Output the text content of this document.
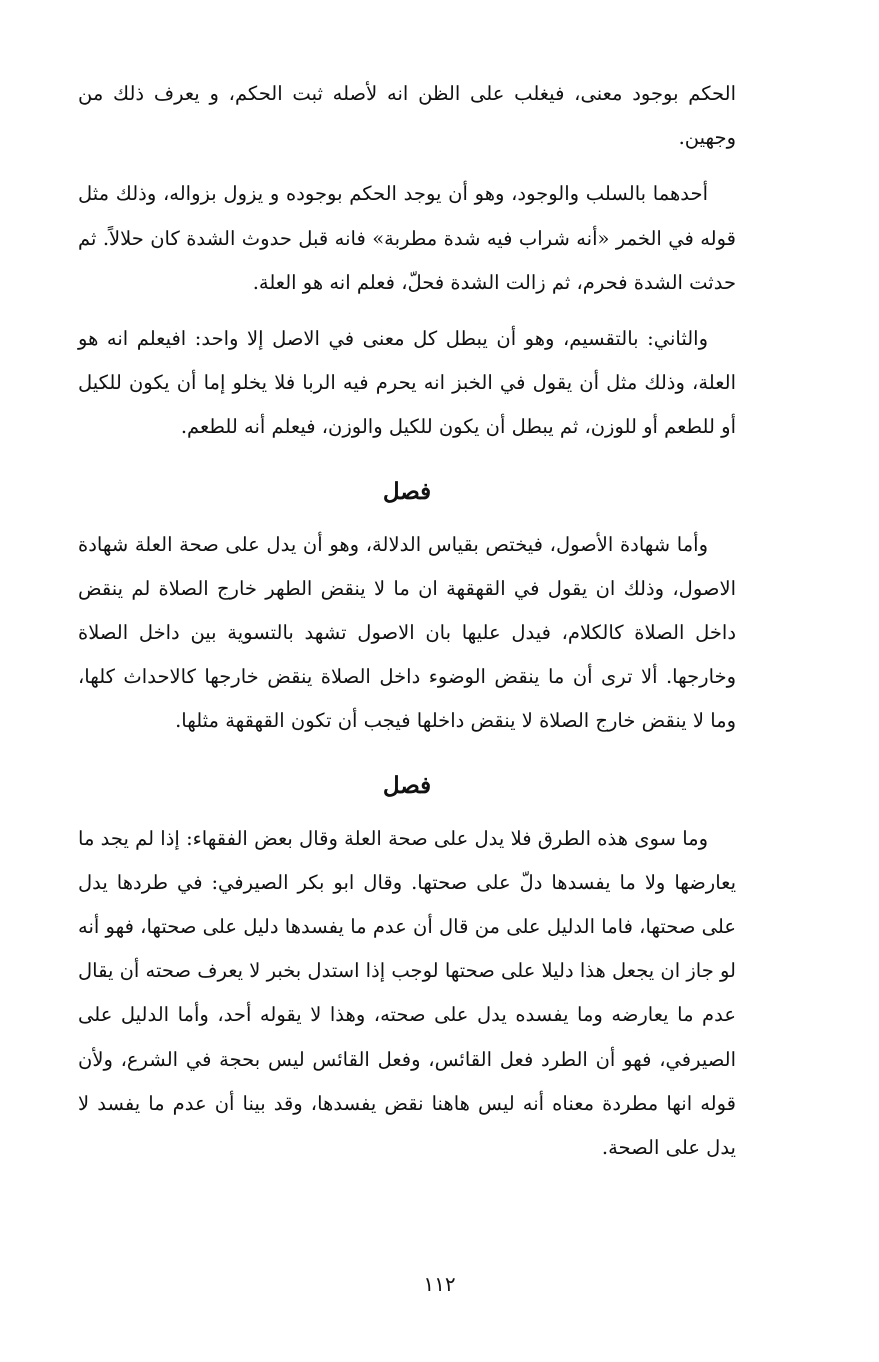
الحكم بوجود معنى، فيغلب على الظن انه لأصله ثبت الحكم، و يعرف ذلك من وجهين.

أحدهما بالسلب والوجود، وهو أن يوجد الحكم بوجوده و يزول بزواله، وذلك مثل قوله في الخمر «أنه شراب فيه شدة مطربة» فانه قبل حدوث الشدة كان حلالاً. ثم حدثت الشدة فحرم، ثم زالت الشدة فحلّ، فعلم انه هو العلة.

والثاني: بالتقسيم، وهو أن يبطل كل معنى في الاصل إلا واحد: افيعلم انه هو العلة، وذلك مثل أن يقول في الخبز انه يحرم فيه الربا فلا يخلو إما أن يكون للكيل أو للطعم أو للوزن، ثم يبطل أن يكون للكيل والوزن، فيعلم أنه للطعم.

فصل

وأما شهادة الأصول، فيختص بقياس الدلالة، وهو أن يدل على صحة العلة شهادة الاصول، وذلك ان يقول في القهقهة ان ما لا ينقض الطهر خارج الصلاة لم ينقض داخل الصلاة كالكلام، فيدل عليها بان الاصول تشهد بالتسوية بين داخل الصلاة وخارجها. ألا ترى أن ما ينقض الوضوء داخل الصلاة ينقض خارجها كالاحداث كلها، وما لا ينقض خارج الصلاة لا ينقض داخلها فيجب أن تكون القهقهة مثلها.

فصل

وما سوى هذه الطرق فلا يدل على صحة العلة وقال بعض الفقهاء: إذا لم يجد ما يعارضها ولا ما يفسدها دلّ على صحتها. وقال ابو بكر الصيرفي: في طردها يدل على صحتها، فاما الدليل على من قال أن عدم ما يفسدها دليل على صحتها، فهو أنه لو جاز ان يجعل هذا دليلا على صحتها لوجب إذا استدل بخبر لا يعرف صحته أن يقال عدم ما يعارضه وما يفسده يدل على صحته، وهذا لا يقوله أحد، وأما الدليل على الصيرفي، فهو أن الطرد فعل القائس، وفعل القائس ليس بحجة في الشرع، ولأن قوله انها مطردة معناه أنه ليس هاهنا نقض يفسدها، وقد بينا أن عدم ما يفسد لا يدل على الصحة.

١١٢
